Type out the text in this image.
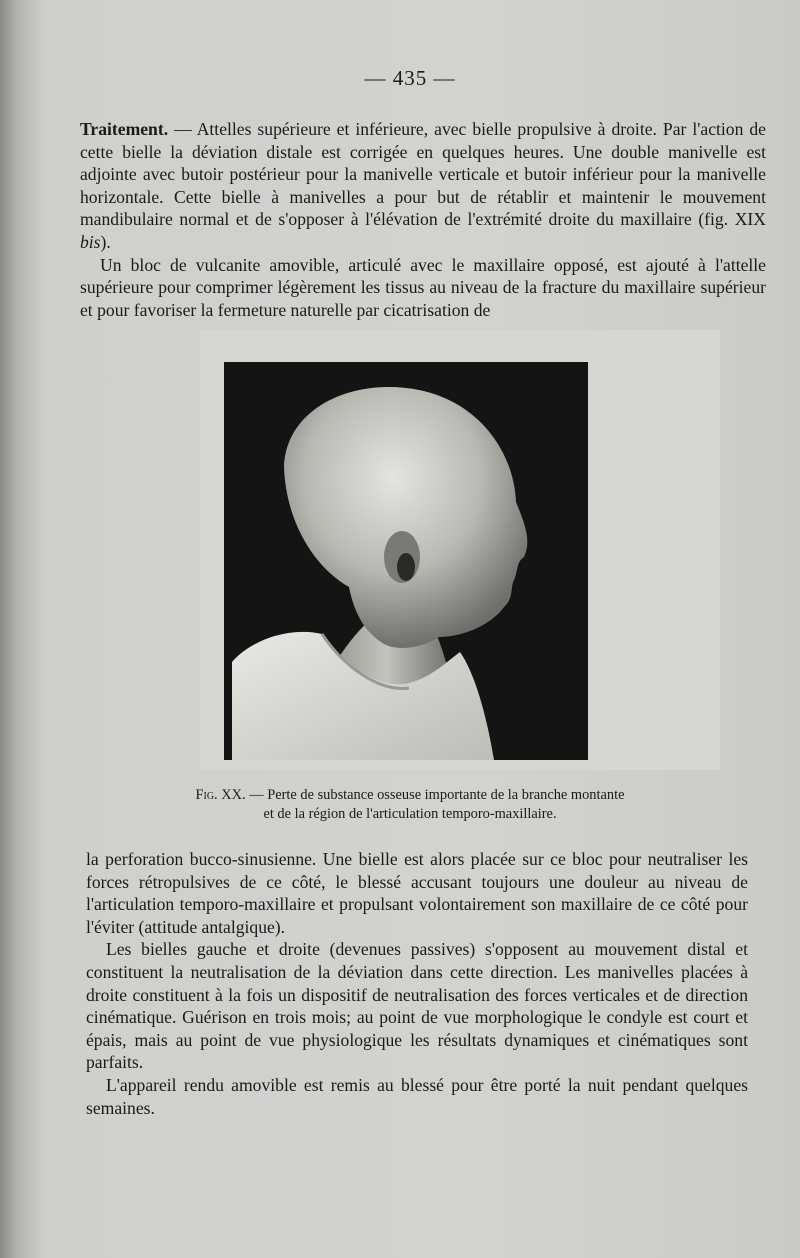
— 435 —
Traitement. — Attelles supérieure et inférieure, avec bielle propulsive à droite. Par l'action de cette bielle la déviation distale est corrigée en quelques heures. Une double manivelle est adjointe avec butoir postérieur pour la manivelle verticale et butoir inférieur pour la manivelle horizontale. Cette bielle à manivelles a pour but de rétablir et maintenir le mouvement mandibulaire normal et de s'opposer à l'élévation de l'extrémité droite du maxillaire (fig. XIX bis).
Un bloc de vulcanite amovible, articulé avec le maxillaire opposé, est ajouté à l'attelle supérieure pour comprimer légèrement les tissus au niveau de la fracture du maxillaire supérieur et pour favoriser la fermeture naturelle par cicatrisation de
Fig. XX. — Perte de substance osseuse importante de la branche montante
et de la région de l'articulation temporo-maxillaire.
la perforation bucco-sinusienne. Une bielle est alors placée sur ce bloc pour neutraliser les forces rétropulsives de ce côté, le blessé accusant toujours une douleur au niveau de l'articulation temporo-maxillaire et propulsant volontairement son maxillaire de ce côté pour l'éviter (attitude antalgique).
Les bielles gauche et droite (devenues passives) s'opposent au mouvement distal et constituent la neutralisation de la déviation dans cette direction. Les manivelles placées à droite constituent à la fois un dispositif de neutralisation des forces verticales et de direction cinématique. Guérison en trois mois; au point de vue morphologique le condyle est court et épais, mais au point de vue physiologique les résultats dynamiques et cinématiques sont parfaits.
L'appareil rendu amovible est remis au blessé pour être porté la nuit pendant quelques semaines.
